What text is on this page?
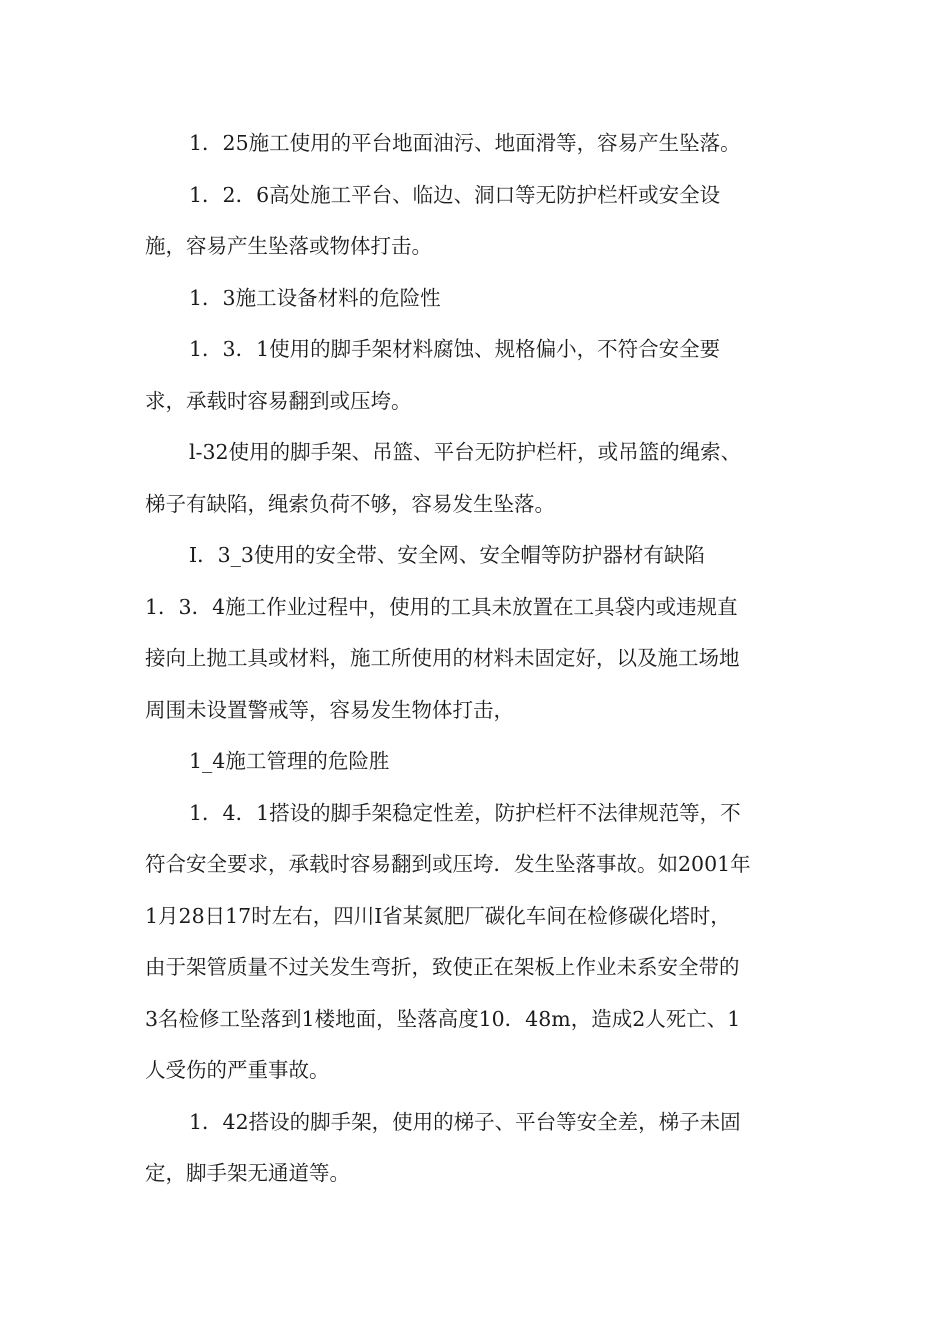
1．25施工使用的平台地面油污、地面滑等，容易产生坠落。

1．2．6高处施工平台、临边、洞口等无防护栏杆或安全设
施，容易产生坠落或物体打击。

1．3施工设备材料的危险性

1．3．1使用的脚手架材料腐蚀、规格偏小，不符合安全要
求，承载时容易翻到或压垮。

l-32使用的脚手架、吊篮、平台无防护栏杆，或吊篮的绳索、
梯子有缺陷，绳索负荷不够，容易发生坠落。

I．3_3使用的安全带、安全网、安全帽等防护器材有缺陷

1．3．4施工作业过程中，使用的工具未放置在工具袋内或违规直
接向上抛工具或材料，施工所使用的材料未固定好，以及施工场地
周围未设置警戒等，容易发生物体打击，

1_4施工管理的危险胜

1．4．1搭设的脚手架稳定性差，防护栏杆不法律规范等，不
符合安全要求，承载时容易翻到或压垮．发生坠落事故。如2001年
1月28日17时左右，四川I省某氮肥厂碳化车间在检修碳化塔时，
由于架管质量不过关发生弯折，致使正在架板上作业未系安全带的
3名检修工坠落到1楼地面，坠落高度10．48m，造成2人死亡、1
人受伤的严重事故。

1．42搭设的脚手架，使用的梯子、平台等安全差，梯子未固
定，脚手架无通道等。
